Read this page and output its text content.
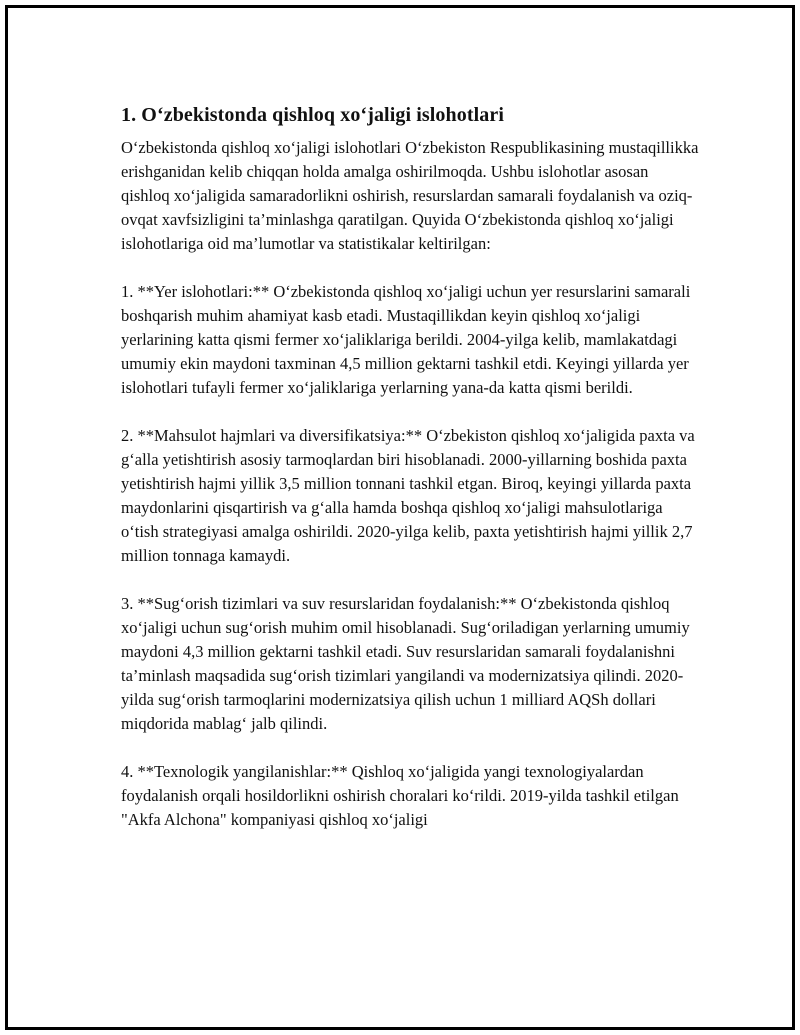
1. O‘zbekistonda qishloq xo‘jaligi islohotlari

O‘zbekistonda qishloq xo‘jaligi islohotlari O‘zbekiston Respublikasining mustaqillikka erishganidan kelib chiqqan holda amalga oshirilmoqda. Ushbu islohotlar asosan qishloq xo‘jaligida samaradorlikni oshirish, resurslardan samarali foydalanish va oziq-ovqat xavfsizligini ta’minlashga qaratilgan. Quyida O‘zbekistonda qishloq xo‘jaligi islohotlariga oid ma’lumotlar va statistikalar keltirilgan:

1. **Yer islohotlari:** O‘zbekistonda qishloq xo‘jaligi uchun yer resurslarini samarali boshqarish muhim ahamiyat kasb etadi. Mustaqillikdan keyin qishloq xo‘jaligi yerlarining katta qismi fermer xo‘jaliklariga berildi. 2004-yilga kelib, mamlakatdagi umumiy ekin maydoni taxminan 4,5 million gektarni tashkil etdi. Keyingi yillarda yer islohotlari tufayli fermer xo‘jaliklariga yerlarning yana-da katta qismi berildi.

2. **Mahsulot hajmlari va diversifikatsiya:** O‘zbekiston qishloq xo‘jaligida paxta va g‘alla yetishtirish asosiy tarmoqlardan biri hisoblanadi. 2000-yillarning boshida paxta yetishtirish hajmi yillik 3,5 million tonnani tashkil etgan. Biroq, keyingi yillarda paxta maydonlarini qisqartirish va g‘alla hamda boshqa qishloq xo‘jaligi mahsulotlariga o‘tish strategiyasi amalga oshirildi. 2020-yilga kelib, paxta yetishtirish hajmi yillik 2,7 million tonnaga kamaydi.

3. **Sug‘orish tizimlari va suv resurslaridan foydalanish:** O‘zbekistonda qishloq xo‘jaligi uchun sug‘orish muhim omil hisoblanadi. Sug‘oriladigan yerlarning umumiy maydoni 4,3 million gektarni tashkil etadi. Suv resurslaridan samarali foydalanishni ta’minlash maqsadida sug‘orish tizimlari yangilandi va modernizatsiya qilindi. 2020-yilda sug‘orish tarmoqlarini modernizatsiya qilish uchun 1 milliard AQSh dollari miqdorida mablag‘ jalb qilindi.

4. **Texnologik yangilanishlar:** Qishloq xo‘jaligida yangi texnologiyalardan foydalanish orqali hosildorlikni oshirish choralari ko‘rildi. 2019-yilda tashkil etilgan "Akfa Alchona" kompaniyasi qishloq xo‘jaligi
